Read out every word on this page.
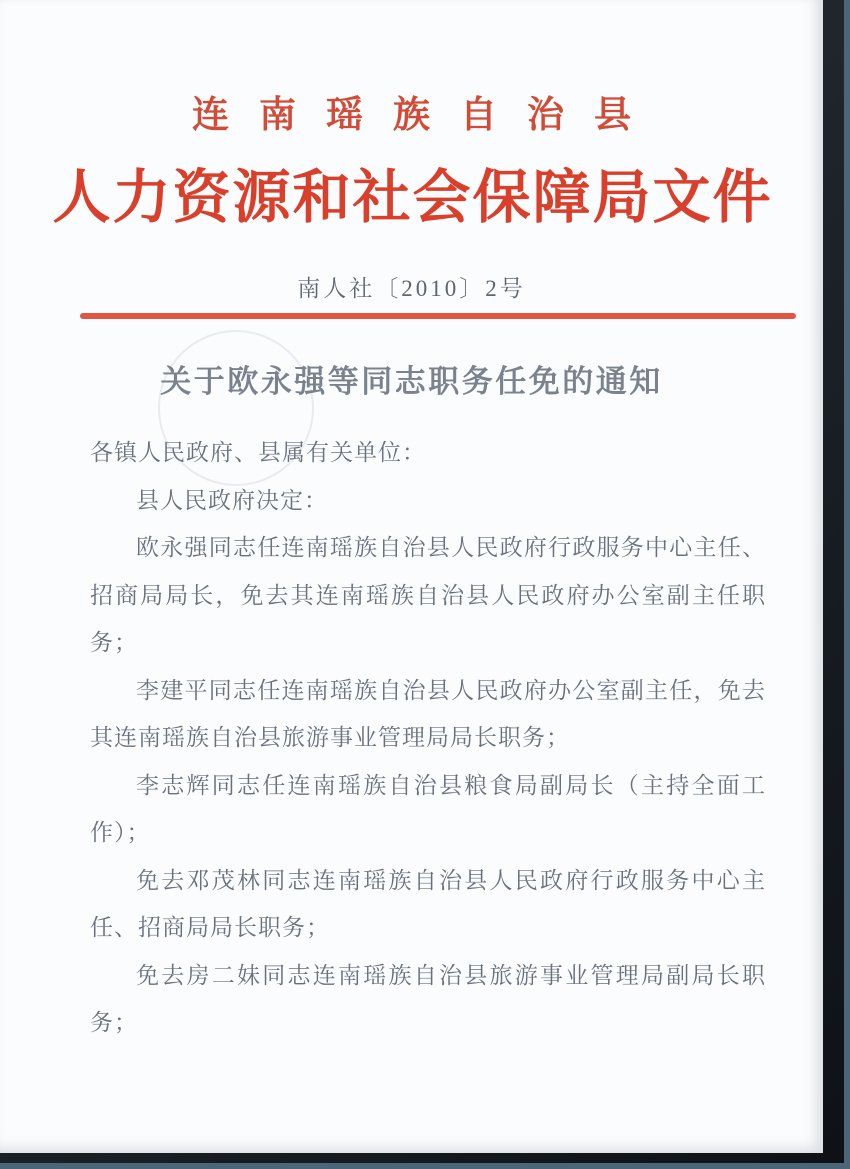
连南瑶族自治县
人力资源和社会保障局文件
南人社〔2010〕2号
关于欧永强等同志职务任免的通知

各镇人民政府、县属有关单位：

县人民政府决定：

欧永强同志任连南瑶族自治县人民政府行政服务中心主任、招商局局长，免去其连南瑶族自治县人民政府办公室副主任职务；

李建平同志任连南瑶族自治县人民政府办公室副主任，免去其连南瑶族自治县旅游事业管理局局长职务；

李志辉同志任连南瑶族自治县粮食局副局长（主持全面工作）；

免去邓茂林同志连南瑶族自治县人民政府行政服务中心主任、招商局局长职务；

免去房二妹同志连南瑶族自治县旅游事业管理局副局长职务；
